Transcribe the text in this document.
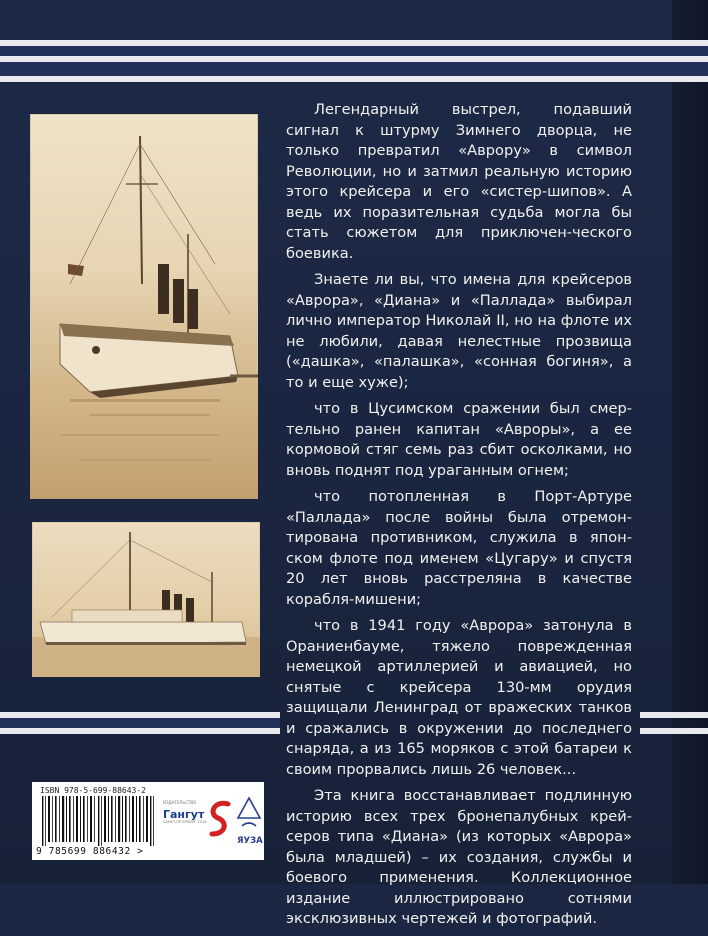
Легендарный выстрел, подавший сигнал к штурму Зимнего дворца, не только превратил «Аврору» в символ Революции, но и затмил реальную историю этого крейсера и его «систер-шипов». А ведь их поразительная судьба могла бы стать сюжетом для приключен-ческого боевика.

Знаете ли вы, что имена для крейсеров «Аврора», «Диана» и «Паллада» выбирал лично император Николай II, но на флоте их не любили, давая нелестные прозвища («дашка», «палашка», «сонная богиня», а то и еще хуже);

что в Цусимском сражении был смер-тельно ранен капитан «Авроры», а ее кормовой стяг семь раз сбит осколками, но вновь поднят под ураганным огнем;

что потопленная в Порт-Артуре «Паллада» после войны была отремон-тирована противником, служила в япон-ском флоте под именем «Цугару» и спустя 20 лет вновь расстреляна в качестве корабля-мишени;

что в 1941 году «Аврора» затонула в Ораниенбауме, тяжело поврежденная немецкой артиллерией и авиацией, но снятые с крейсера 130-мм орудия защищали Ленинград от вражеских танков и сражались в окружении до последнего снаряда, а из 165 моряков с этой батареи к своим прорвались лишь 26 человек...

Эта книга восстанавливает подлинную историю всех трех бронепалубных крей-серов типа «Диана» (из которых «Аврора» была младшей) – их создания, службы и боевого применения. Коллекционное издание иллюстрировано сотнями эксклюзивных чертежей и фотографий.

ISBN 978-5-699-88643-2
9 785699 886432 >
ИЗДАТЕЛЬСТВО
Гангут
САНКТ-ПЕТЕРБУРГ 2016
ЯУЗА
